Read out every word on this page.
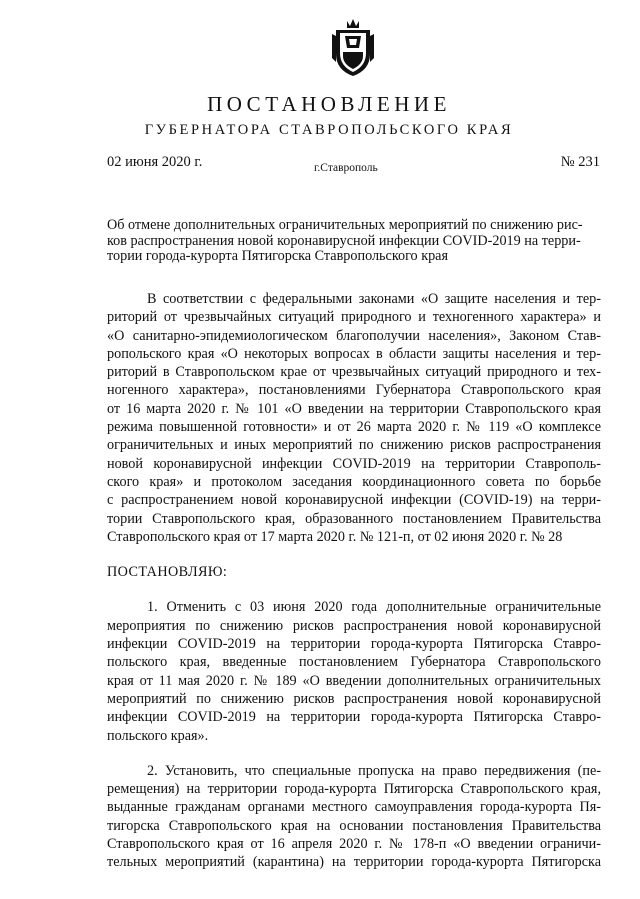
ПОСТАНОВЛЕНИЕ
ГУБЕРНАТОРА СТАВРОПОЛЬСКОГО КРАЯ
02 июня 2020 г.	г.Ставрополь	№ 231
Об отмене дополнительных ограничительных мероприятий по снижению рис-
ков распространения новой коронавирусной инфекции COVID-2019 на терри-
тории города-курорта Пятигорска Ставропольского края

В соответствии с федеральными законами «О защите населения и тер-
риторий от чрезвычайных ситуаций природного и техногенного характера» и
«О санитарно-эпидемиологическом благополучии населения», Законом Став-
ропольского края «О некоторых вопросах в области защиты населения и тер-
риторий в Ставропольском крае от чрезвычайных ситуаций природного и тех-
ногенного характера», постановлениями Губернатора Ставропольского края
от 16 марта 2020 г. № 101 «О введении на территории Ставропольского края
режима повышенной готовности» и от 26 марта 2020 г. № 119 «О комплексе
ограничительных и иных мероприятий по снижению рисков распространения
новой коронавирусной инфекции COVID-2019 на территории Ставрополь-
ского края» и протоколом заседания координационного совета по борьбе
с распространением новой коронавирусной инфекции (COVID-19) на терри-
тории Ставропольского края, образованного постановлением Правительства
Ставропольского края от 17 марта 2020 г. № 121-п, от 02 июня 2020 г. № 28

ПОСТАНОВЛЯЮ:

1. Отменить с 03 июня 2020 года дополнительные ограничительные
мероприятия по снижению рисков распространения новой коронавирусной
инфекции COVID-2019 на территории города-курорта Пятигорска Ставро-
польского края, введенные постановлением Губернатора Ставропольского
края от 11 мая 2020 г. № 189 «О введении дополнительных ограничительных
мероприятий по снижению рисков распространения новой коронавирусной
инфекции COVID-2019 на территории города-курорта Пятигорска Ставро-
польского края».

2. Установить, что специальные пропуска на право передвижения (пе-
ремещения) на территории города-курорта Пятигорска Ставропольского края,
выданные гражданам органами местного самоуправления города-курорта Пя-
тигорска Ставропольского края на основании постановления Правительства
Ставропольского края от 16 апреля 2020 г. № 178-п «О введении ограничи-
тельных мероприятий (карантина) на территории города-курорта Пятигорска
